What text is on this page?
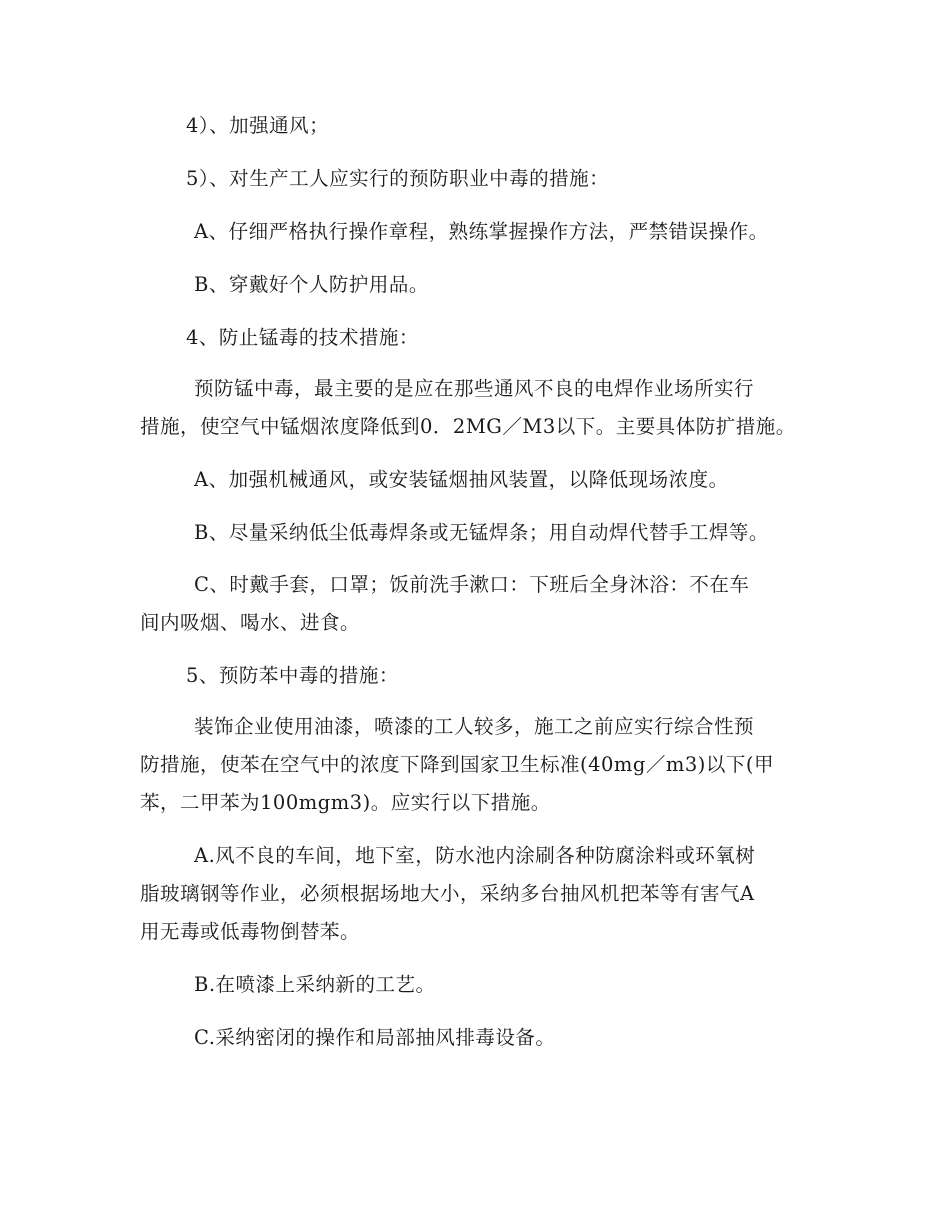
4）、加强通风；
5）、对生产工人应实行的预防职业中毒的措施：
A、仔细严格执行操作章程，熟练掌握操作方法，严禁错误操作。
B、穿戴好个人防护用品。
4、防止锰毒的技术措施：
预防锰中毒，最主要的是应在那些通风不良的电焊作业场所实行
措施，使空气中锰烟浓度降低到0．2MG／M3以下。主要具体防扩措施。
A、加强机械通风，或安装锰烟抽风装置，以降低现场浓度。
B、尽量采纳低尘低毒焊条或无锰焊条；用自动焊代替手工焊等。
C、时戴手套，口罩；饭前洗手漱口：下班后全身沐浴：不在车
间内吸烟、喝水、进食。
5、预防苯中毒的措施：
装饰企业使用油漆，喷漆的工人较多，施工之前应实行综合性预
防措施，使苯在空气中的浓度下降到国家卫生标准(40mg／m3)以下(甲
苯，二甲苯为100mgm3)。应实行以下措施。
A.风不良的车间，地下室，防水池内涂刷各种防腐涂料或环氧树
脂玻璃钢等作业，必须根据场地大小，采纳多台抽风机把苯等有害气A
用无毒或低毒物倒替苯。
B.在喷漆上采纳新的工艺。
C.采纳密闭的操作和局部抽风排毒设备。
